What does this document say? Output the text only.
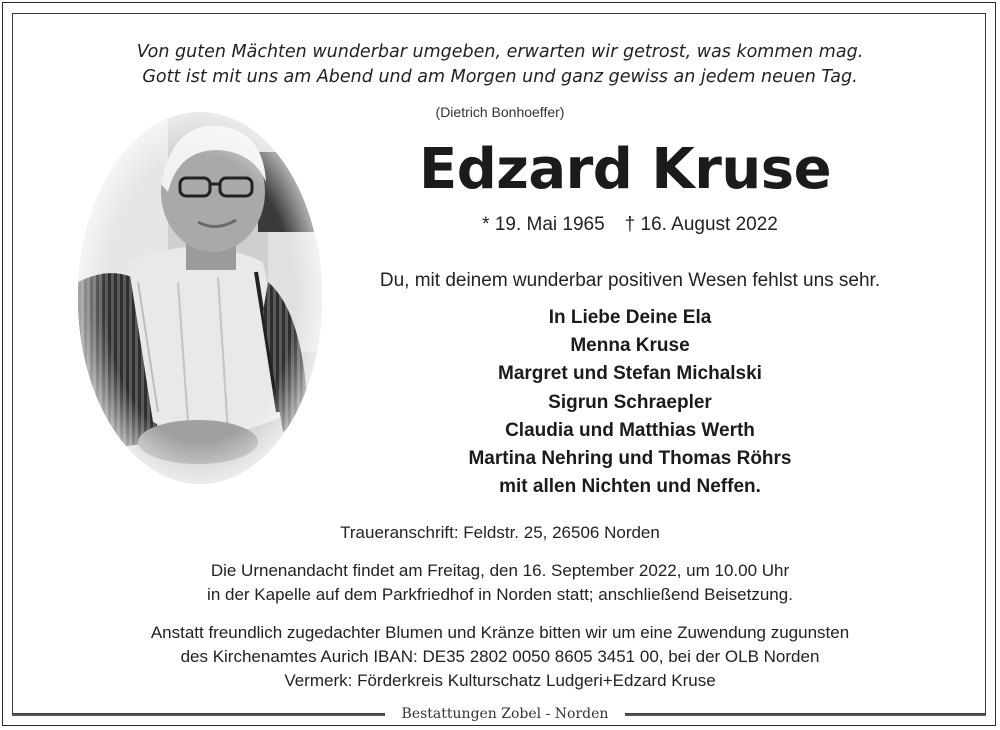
Von guten Mächten wunderbar umgeben, erwarten wir getrost, was kommen mag.
Gott ist mit uns am Abend und am Morgen und ganz gewiss an jedem neuen Tag.
(Dietrich Bonhoeffer)
Edzard Kruse
* 19. Mai 1965 † 16. August 2022
Du, mit deinem wunderbar positiven Wesen fehlst uns sehr.
In Liebe Deine Ela
Menna Kruse
Margret und Stefan Michalski
Sigrun Schraepler
Claudia und Matthias Werth
Martina Nehring und Thomas Röhrs
mit allen Nichten und Neffen.
Traueranschrift: Feldstr. 25, 26506 Norden
Die Urnenandacht findet am Freitag, den 16. September 2022, um 10.00 Uhr
in der Kapelle auf dem Parkfriedhof in Norden statt; anschließend Beisetzung.
Anstatt freundlich zugedachter Blumen und Kränze bitten wir um eine Zuwendung zugunsten
des Kirchenamtes Aurich IBAN: DE35 2802 0050 8605 3451 00, bei der OLB Norden
Vermerk: Förderkreis Kulturschatz Ludgeri+Edzard Kruse
Bestattungen Zobel - Norden
